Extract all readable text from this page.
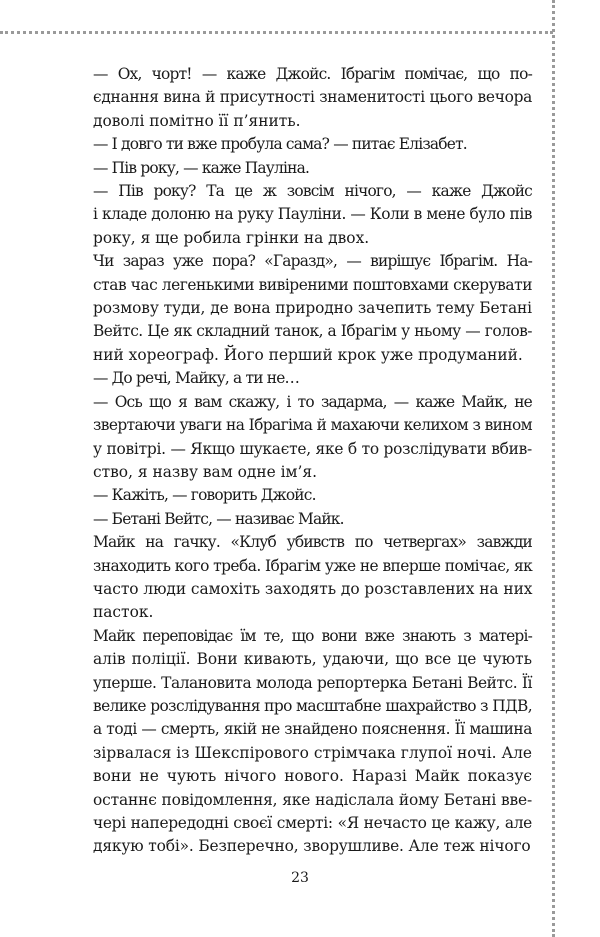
— Ох, чорт! — каже Джойс. Ібрагім помічає, що по-
єднання вина й присутності знаменитості цього вечора
доволі помітно її п’янить.

— І довго ти вже пробула сама? — питає Елізабет.

— Пів року, — каже Пауліна.

— Пів року? Та це ж зовсім нічого, — каже Джойс
і кладе долоню на руку Пауліни. — Коли в мене було пів
року, я ще робила грінки на двох.

Чи зараз уже пора? «Гаразд», — вирішує Ібрагім. На-
став час легенькими вивіреними поштовхами скерувати
розмову туди, де вона природно зачепить тему Бетані
Вейтс. Це як складний танок, а Ібрагім у ньому — голов-
ний хореограф. Його перший крок уже продуманий.

— До речі, Майку, а ти не…

— Ось що я вам скажу, і то задарма, — каже Майк, не
звертаючи уваги на Ібрагіма й махаючи келихом з вином
у повітрі. — Якщо шукаєте, яке б то розслідувати вбив-
ство, я назву вам одне ім’я.

— Кажіть, — говорить Джойс.

— Бетані Вейтс, — називає Майк.

Майк на гачку. «Клуб убивств по четвергах» завжди
знаходить кого треба. Ібрагім уже не вперше помічає, як
часто люди самохіть заходять до розставлених на них
пасток.

Майк переповідає їм те, що вони вже знають з матері-
алів поліції. Вони кивають, удаючи, що все це чують
уперше. Талановита молода репортерка Бетані Вейтс. Її
велике розслідування про масштабне шахрайство з ПДВ,
а тоді — смерть, якій не знайдено пояснення. Її машина
зірвалася із Шекспірового стрімчака глупої ночі. Але
вони не чують нічого нового. Наразі Майк показує
останнє повідомлення, яке надіслала йому Бетані вве-
чері напередодні своєї смерті: «Я нечасто це кажу, але
дякую тобі». Безперечно, зворушливе. Але теж нічого

23
